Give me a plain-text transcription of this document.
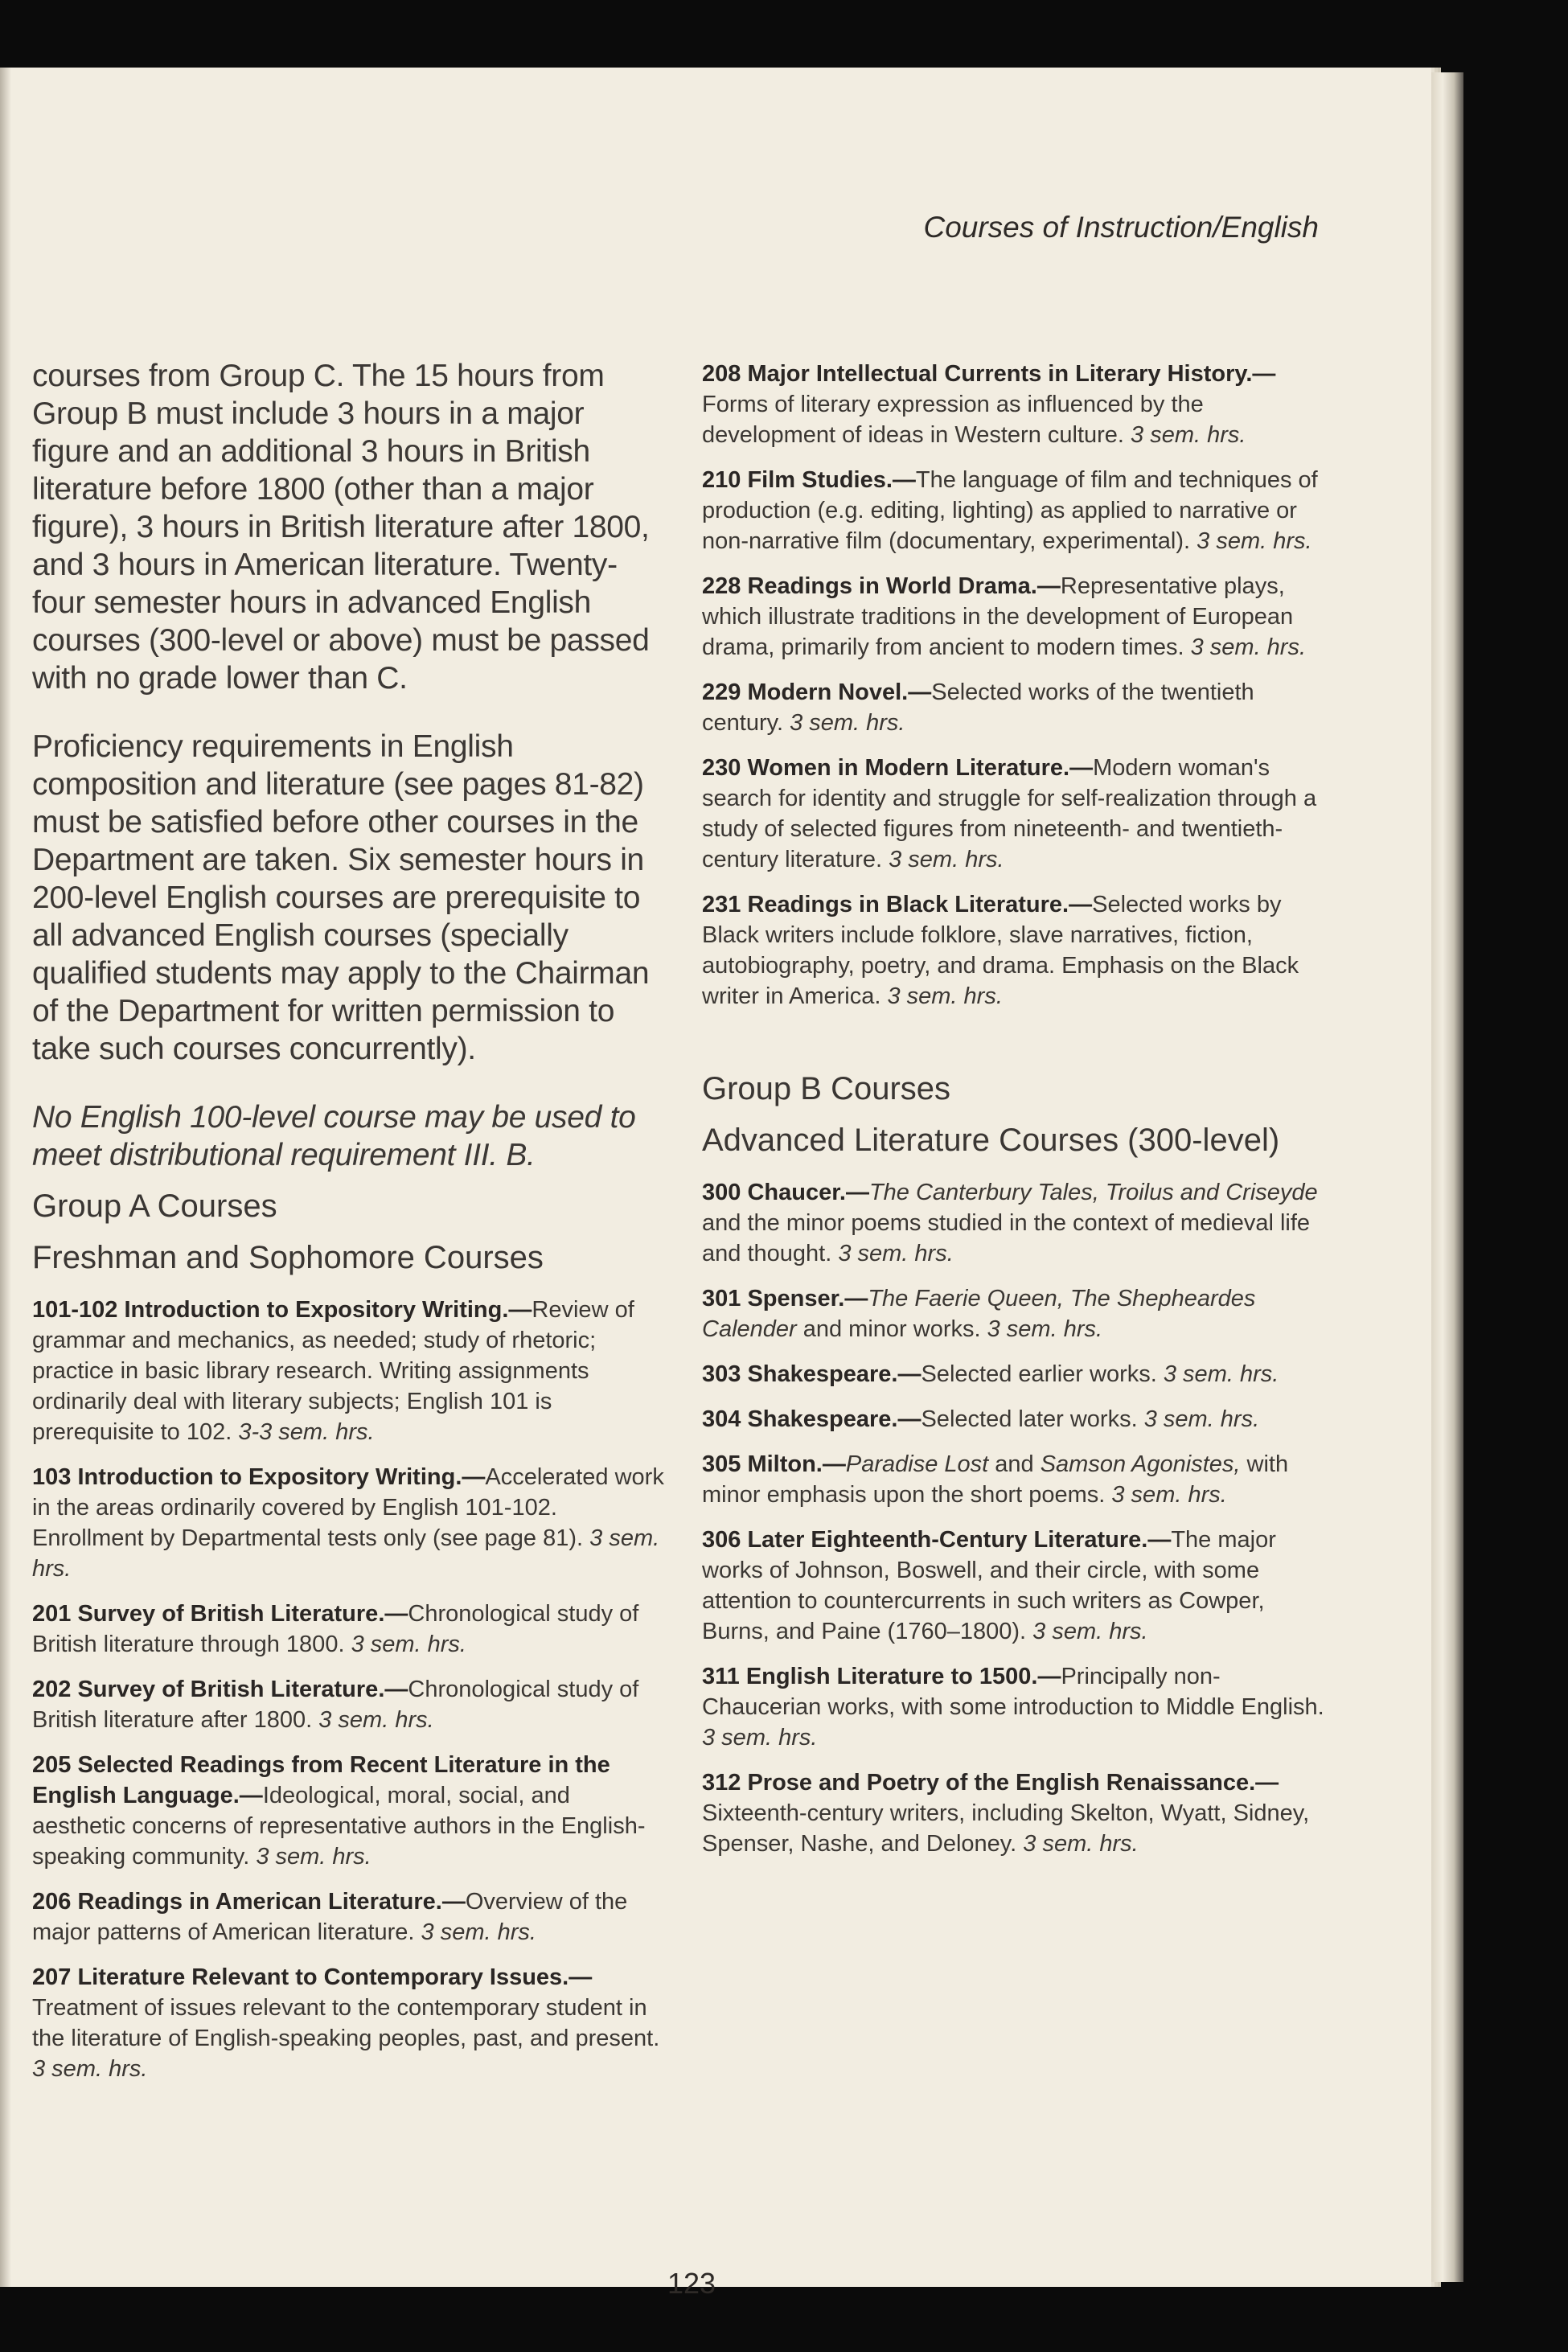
Courses of Instruction/English

courses from Group C. The 15 hours from Group B must include 3 hours in a major figure and an additional 3 hours in British literature before 1800 (other than a major figure), 3 hours in British literature after 1800, and 3 hours in American literature. Twenty-four semester hours in advanced English courses (300-level or above) must be passed with no grade lower than C.

Proficiency requirements in English composition and literature (see pages 81-82) must be satisfied before other courses in the Department are taken. Six semester hours in 200-level English courses are prerequisite to all advanced English courses (specially qualified students may apply to the Chairman of the Department for written permission to take such courses concurrently).

No English 100-level course may be used to meet distributional requirement III. B.

Group A Courses
Freshman and Sophomore Courses
101-102 Introduction to Expository Writing.—Review of grammar and mechanics, as needed; study of rhetoric; practice in basic library research. Writing assignments ordinarily deal with literary subjects; English 101 is prerequisite to 102. 3-3 sem. hrs.
103 Introduction to Expository Writing.—Accelerated work in the areas ordinarily covered by English 101-102. Enrollment by Departmental tests only (see page 81). 3 sem. hrs.
201 Survey of British Literature.—Chronological study of British literature through 1800. 3 sem. hrs.
202 Survey of British Literature.—Chronological study of British literature after 1800. 3 sem. hrs.
205 Selected Readings from Recent Literature in the English Language.—Ideological, moral, social, and aesthetic concerns of representative authors in the English-speaking community. 3 sem. hrs.
206 Readings in American Literature.—Overview of the major patterns of American literature. 3 sem. hrs.
207 Literature Relevant to Contemporary Issues.—Treatment of issues relevant to the contemporary student in the literature of English-speaking peoples, past, and present. 3 sem. hrs.
208 Major Intellectual Currents in Literary History.—Forms of literary expression as influenced by the development of ideas in Western culture. 3 sem. hrs.
210 Film Studies.—The language of film and techniques of production (e.g. editing, lighting) as applied to narrative or non-narrative film (documentary, experimental). 3 sem. hrs.
228 Readings in World Drama.—Representative plays, which illustrate traditions in the development of European drama, primarily from ancient to modern times. 3 sem. hrs.
229 Modern Novel.—Selected works of the twentieth century. 3 sem. hrs.
230 Women in Modern Literature.—Modern woman's search for identity and struggle for self-realization through a study of selected figures from nineteenth- and twentieth-century literature. 3 sem. hrs.
231 Readings in Black Literature.—Selected works by Black writers include folklore, slave narratives, fiction, autobiography, poetry, and drama. Emphasis on the Black writer in America. 3 sem. hrs.
Group B Courses
Advanced Literature Courses (300-level)
300 Chaucer.—The Canterbury Tales, Troilus and Criseyde and the minor poems studied in the context of medieval life and thought. 3 sem. hrs.
301 Spenser.—The Faerie Queen, The Shepheardes Calender and minor works. 3 sem. hrs.
303 Shakespeare.—Selected earlier works. 3 sem. hrs.
304 Shakespeare.—Selected later works. 3 sem. hrs.
305 Milton.—Paradise Lost and Samson Agonistes, with minor emphasis upon the short poems. 3 sem. hrs.
306 Later Eighteenth-Century Literature.—The major works of Johnson, Boswell, and their circle, with some attention to countercurrents in such writers as Cowper, Burns, and Paine (1760–1800). 3 sem. hrs.
311 English Literature to 1500.—Principally non-Chaucerian works, with some introduction to Middle English. 3 sem. hrs.
312 Prose and Poetry of the English Renaissance.—Sixteenth-century writers, including Skelton, Wyatt, Sidney, Spenser, Nashe, and Deloney. 3 sem. hrs.
123
